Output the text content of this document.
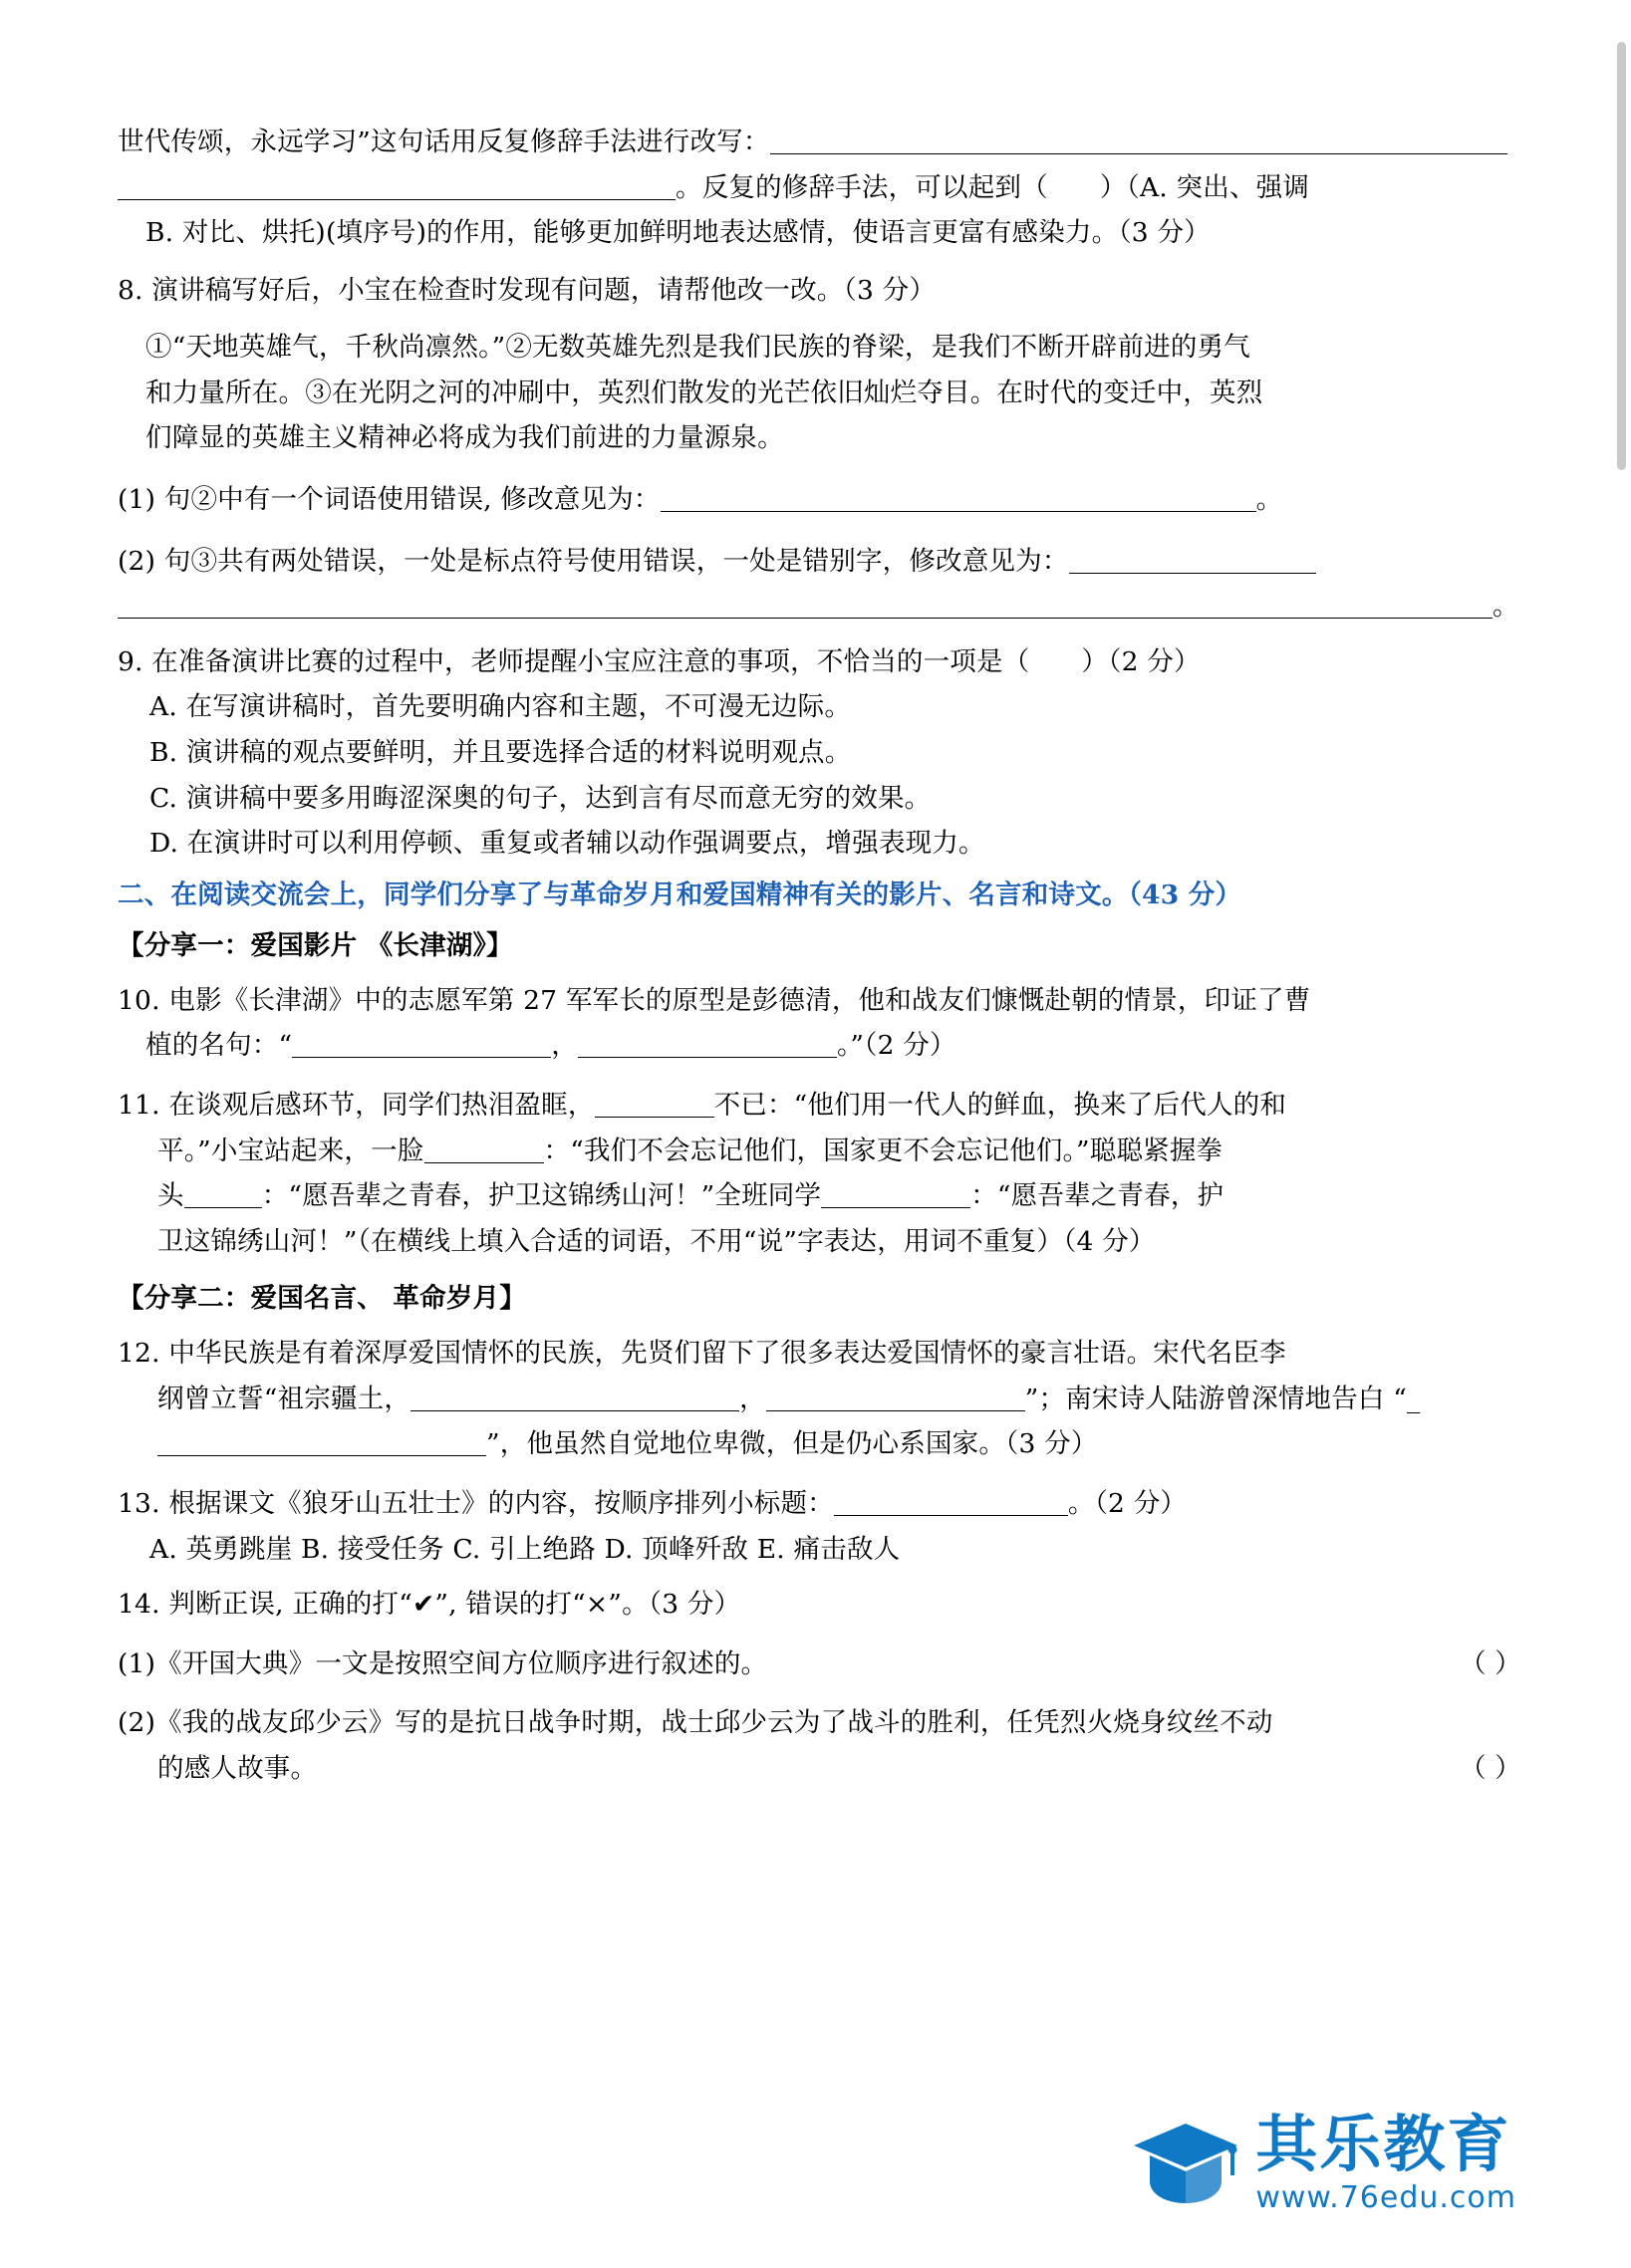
世代传颂，永远学习”这句话用反复修辞手法进行改写：
。反复的修辞手法，可以起到（ ）（A. 突出、强调
B. 对比、烘托)(填序号)的作用，能够更加鲜明地表达感情，使语言更富有感染力。（3 分）

8. 演讲稿写好后，小宝在检查时发现有问题，请帮他改一改。（3 分）

①“天地英雄气，千秋尚凛然。”②无数英雄先烈是我们民族的脊梁，是我们不断开辟前进的勇气
和力量所在。③在光阴之河的冲刷中，英烈们散发的光芒依旧灿烂夺目。在时代的变迁中，英烈
们障显的英雄主义精神必将成为我们前进的力量源泉。

(1) 句②中有一个词语使用错误, 修改意见为：	。

(2) 句③共有两处错误，一处是标点符号使用错误，一处是错别字，修改意见为：
。

9. 在准备演讲比赛的过程中，老师提醒小宝应注意的事项，不恰当的一项是（ ）（2 分）

A. 在写演讲稿时，首先要明确内容和主题，不可漫无边际。

B. 演讲稿的观点要鲜明，并且要选择合适的材料说明观点。

C. 演讲稿中要多用晦涩深奥的句子，达到言有尽而意无穷的效果。

D. 在演讲时可以利用停顿、重复或者辅以动作强调要点，增强表现力。

二、在阅读交流会上，同学们分享了与革命岁月和爱国精神有关的影片、名言和诗文。（43 分）

【分享一：爱国影片 《长津湖》】

10. 电影《长津湖》中的志愿军第 27 军军长的原型是彭德清，他和战友们慷慨赴朝的情景，印证了曹
植的名句：“	，	。”（2 分）

11. 在谈观后感环节，同学们热泪盈眶，	不已：“他们用一代人的鲜血，换来了后代人的和
平。”小宝站起来，一脸	：“我们不会忘记他们，国家更不会忘记他们。”聪聪紧握拳
头	：“愿吾辈之青春，护卫这锦绣山河！”全班同学	：“愿吾辈之青春，护
卫这锦绣山河！”（在横线上填入合适的词语，不用“说”字表达，用词不重复）（4 分）

【分享二：爱国名言、 革命岁月】

12. 中华民族是有着深厚爱国情怀的民族，先贤们留下了很多表达爱国情怀的豪言壮语。宋代名臣李
纲曾立誓“祖宗疆土，	，	”；南宋诗人陆游曾深情地告白 “_
”，他虽然自觉地位卑微，但是仍心系国家。（3 分）

13. 根据课文《狼牙山五壮士》的内容，按顺序排列小标题：	。（2 分）

A. 英勇跳崖 B. 接受任务 C. 引上绝路 D. 顶峰歼敌 E. 痛击敌人

14. 判断正误, 正确的打“✔”, 错误的打“×”。（3 分）

(1)《开国大典》一文是按照空间方位顺序进行叙述的。	（ ）

(2)《我的战友邱少云》写的是抗日战争时期，战士邱少云为了战斗的胜利，任凭烈火烧身纹丝不动
的感人故事。	（ ）

其乐教育
www.76edu.com
